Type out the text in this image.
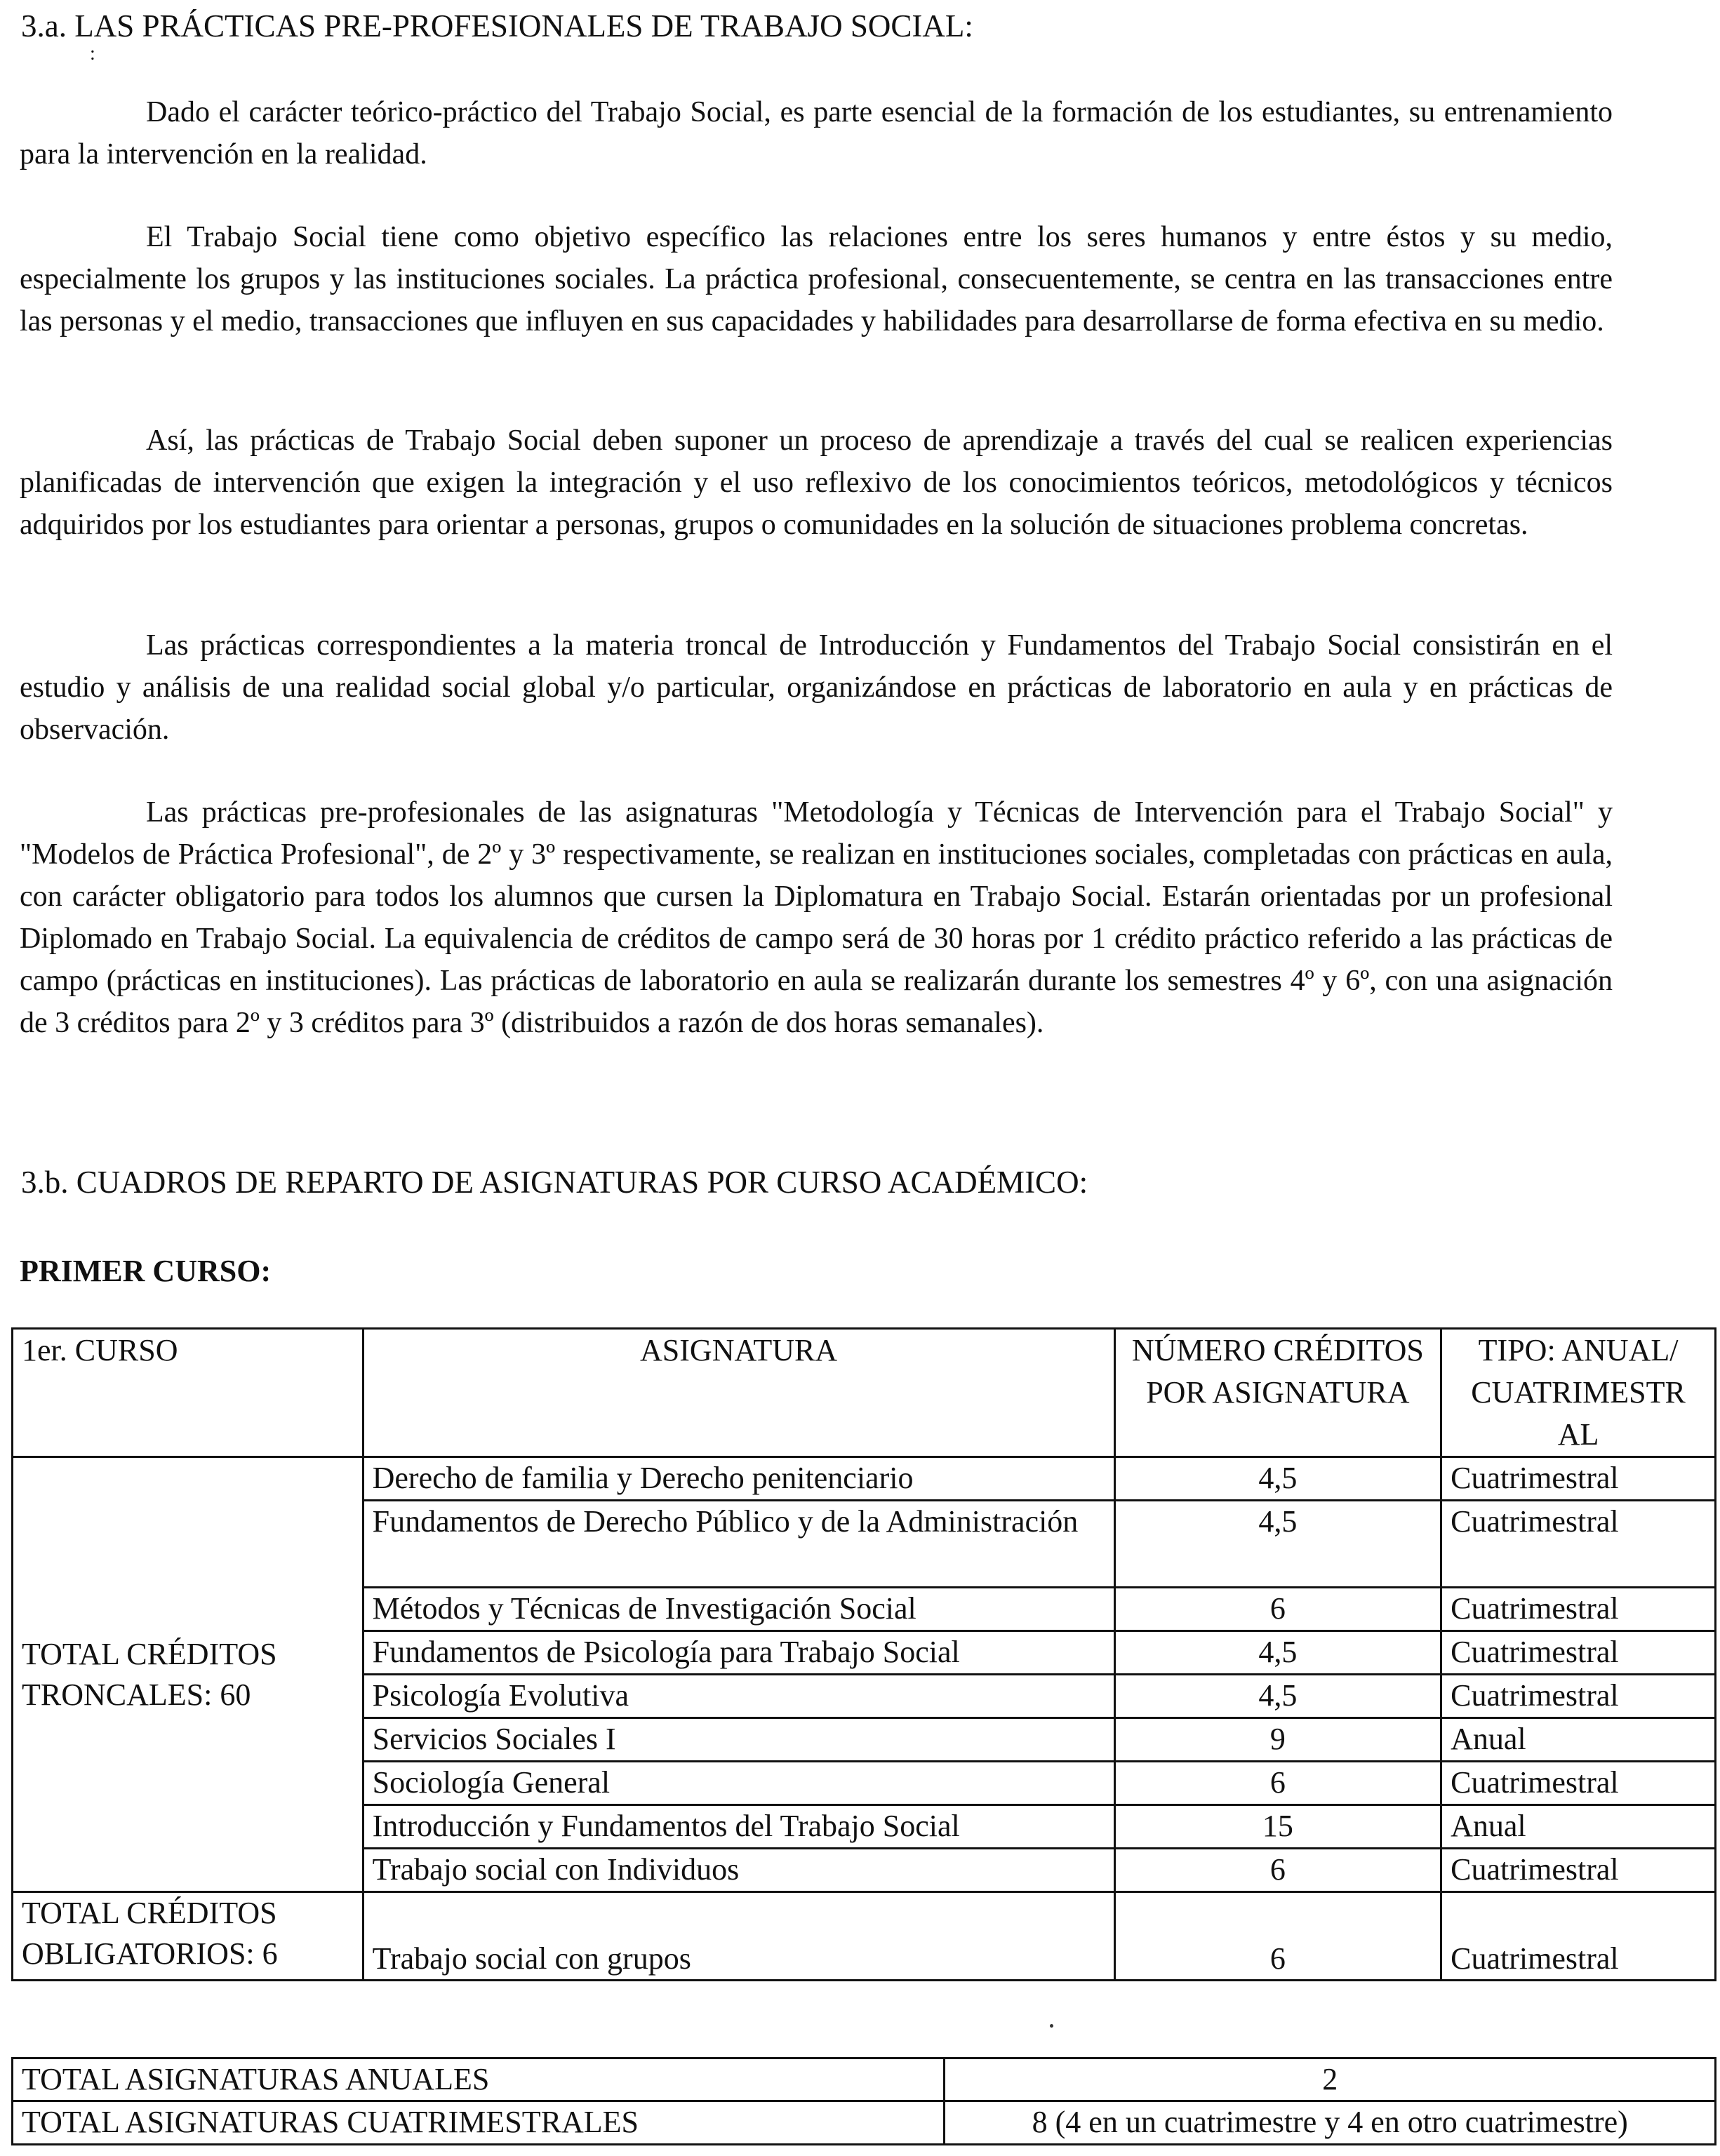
3.a. LAS PRÁCTICAS PRE-PROFESIONALES DE TRABAJO SOCIAL:
:

Dado el carácter teórico-práctico del Trabajo Social, es parte esencial de la formación de los estudiantes, su entrenamiento para la intervención en la realidad.

El Trabajo Social tiene como objetivo específico las relaciones entre los seres humanos y entre éstos y su medio, especialmente los grupos y las instituciones sociales. La práctica profesional, consecuentemente, se centra en las transacciones entre las personas y el medio, transacciones que influyen en sus capacidades y habilidades para desarrollarse de forma efectiva en su medio.

Así, las prácticas de Trabajo Social deben suponer un proceso de aprendizaje a través del cual se realicen experiencias planificadas de intervención que exigen la integración y el uso reflexivo de los conocimientos teóricos, metodológicos y técnicos adquiridos por los estudiantes para orientar a personas, grupos o comunidades en la solución de situaciones problema concretas.

Las prácticas correspondientes a la materia troncal de Introducción y Fundamentos del Trabajo Social consistirán en el estudio y análisis de una realidad social global y/o particular, organizándose en prácticas de laboratorio en aula y en prácticas de observación.

Las prácticas pre-profesionales de las asignaturas "Metodología y Técnicas de Intervención para el Trabajo Social" y "Modelos de Práctica Profesional", de 2º y 3º respectivamente, se realizan en instituciones sociales, completadas con prácticas en aula, con carácter obligatorio para todos los alumnos que cursen la Diplomatura en Trabajo Social. Estarán orientadas por un profesional Diplomado en Trabajo Social. La equivalencia de créditos de campo será de 30 horas por 1 crédito práctico referido a las prácticas de campo (prácticas en instituciones). Las prácticas de laboratorio en aula se realizarán durante los semestres 4º y 6º, con una asignación de 3 créditos para 2º y 3 créditos para 3º (distribuidos a razón de dos horas semanales).

3.b. CUADROS DE REPARTO DE ASIGNATURAS POR CURSO ACADÉMICO:
PRIMER CURSO:
1er. CURSO	ASIGNATURA	NÚMERO CRÉDITOS POR ASIGNATURA	TIPO: ANUAL/ CUATRIMESTR AL
TOTAL CRÉDITOS TRONCALES: 60	Derecho de familia y Derecho penitenciario	4,5	Cuatrimestral
	Fundamentos de Derecho Público y de la Administración	4,5	Cuatrimestral
	Métodos y Técnicas de Investigación Social	6	Cuatrimestral
	Fundamentos de Psicología para Trabajo Social	4,5	Cuatrimestral
	Psicología Evolutiva	4,5	Cuatrimestral
	Servicios Sociales I	9	Anual
	Sociología General	6	Cuatrimestral
	Introducción y Fundamentos del Trabajo Social	15	Anual
	Trabajo social con Individuos	6	Cuatrimestral
TOTAL CRÉDITOS OBLIGATORIOS: 6	Trabajo social con grupos	6	Cuatrimestral
TOTAL ASIGNATURAS ANUALES	2
TOTAL ASIGNATURAS CUATRIMESTRALES	8 (4 en un cuatrimestre y 4 en otro cuatrimestre)
